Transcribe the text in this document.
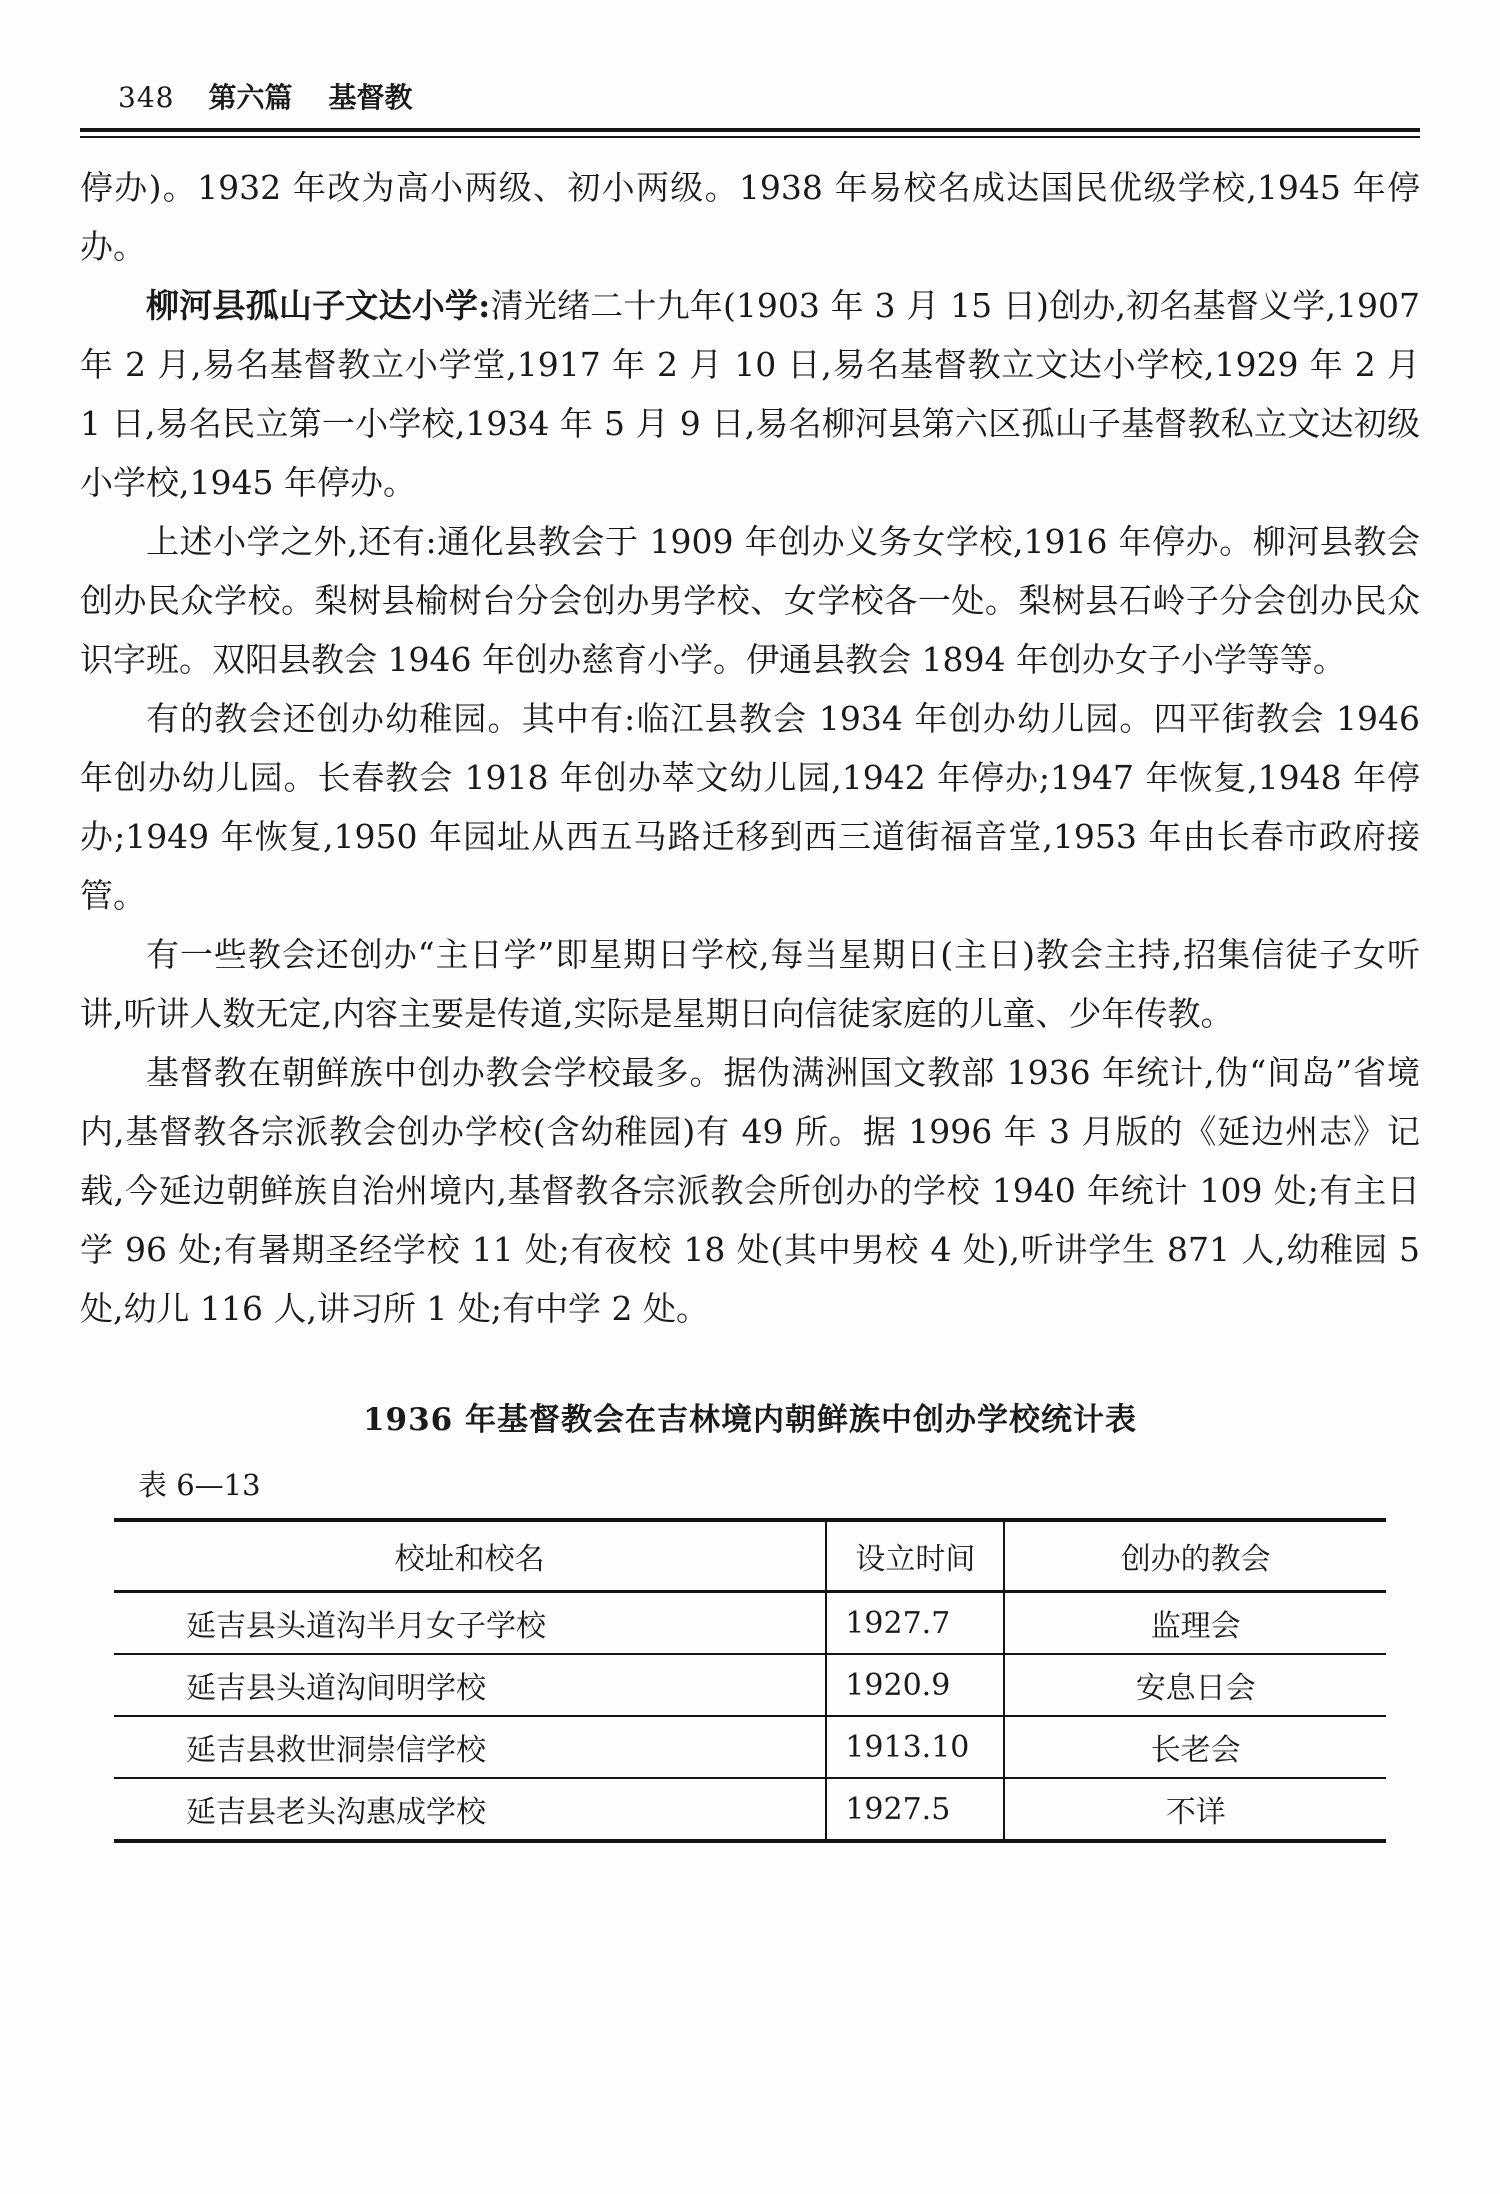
348 第六篇 基督教

停办)。1932 年改为高小两级、初小两级。1938 年易校名成达国民优级学校,1945 年停办。

柳河县孤山子文达小学:清光绪二十九年(1903 年 3 月 15 日)创办,初名基督义学,1907 年 2 月,易名基督教立小学堂,1917 年 2 月 10 日,易名基督教立文达小学校,1929 年 2 月 1 日,易名民立第一小学校,1934 年 5 月 9 日,易名柳河县第六区孤山子基督教私立文达初级小学校,1945 年停办。

上述小学之外,还有:通化县教会于 1909 年创办义务女学校,1916 年停办。柳河县教会创办民众学校。梨树县榆树台分会创办男学校、女学校各一处。梨树县石岭子分会创办民众识字班。双阳县教会 1946 年创办慈育小学。伊通县教会 1894 年创办女子小学等等。

有的教会还创办幼稚园。其中有:临江县教会 1934 年创办幼儿园。四平街教会 1946 年创办幼儿园。长春教会 1918 年创办萃文幼儿园,1942 年停办;1947 年恢复,1948 年停办;1949 年恢复,1950 年园址从西五马路迁移到西三道街福音堂,1953 年由长春市政府接管。

有一些教会还创办“主日学”即星期日学校,每当星期日(主日)教会主持,招集信徒子女听讲,听讲人数无定,内容主要是传道,实际是星期日向信徒家庭的儿童、少年传教。

基督教在朝鲜族中创办教会学校最多。据伪满洲国文教部 1936 年统计,伪“间岛”省境内,基督教各宗派教会创办学校(含幼稚园)有 49 所。据 1996 年 3 月版的《延边州志》记载,今延边朝鲜族自治州境内,基督教各宗派教会所创办的学校 1940 年统计 109 处;有主日学 96 处;有暑期圣经学校 11 处;有夜校 18 处(其中男校 4 处),听讲学生 871 人,幼稚园 5 处,幼儿 116 人,讲习所 1 处;有中学 2 处。

1936 年基督教会在吉林境内朝鲜族中创办学校统计表
表 6—13
校址和校名	设立时间	创办的教会
延吉县头道沟半月女子学校	1927.7	监理会
延吉县头道沟间明学校	1920.9	安息日会
延吉县救世洞崇信学校	1913.10	长老会
延吉县老头沟惠成学校	1927.5	不详
